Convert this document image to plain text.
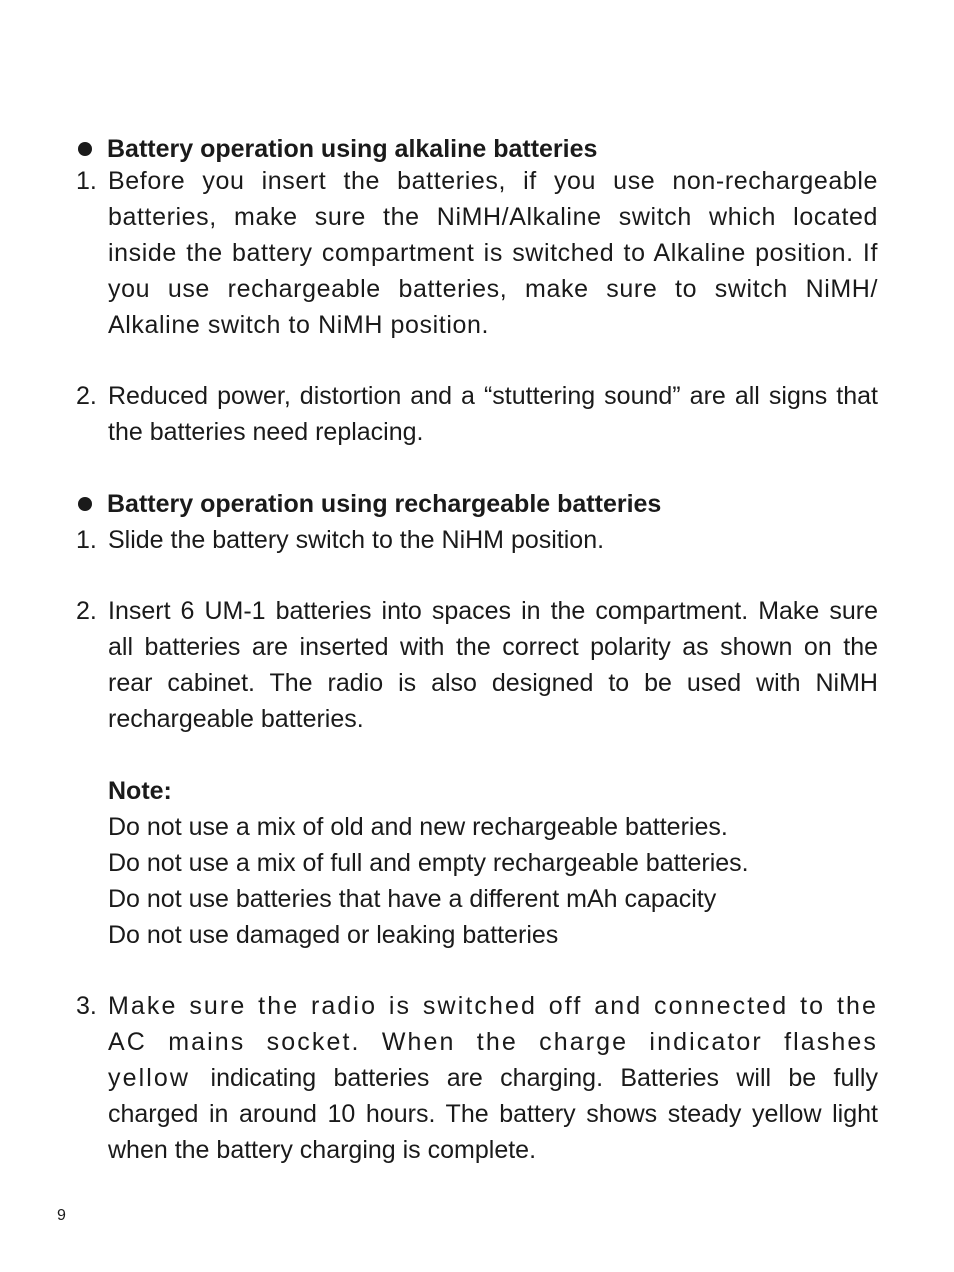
Battery operation using alkaline batteries
1. Before you insert the batteries, if you use non-rechargeable batteries, make sure the NiMH/Alkaline switch which located inside the battery compartment is switched to Alkaline position. If you use rechargeable batteries, make sure to switch NiMH/ Alkaline switch to NiMH position.
2. Reduced power, distortion and a “stuttering sound” are all signs that the batteries need replacing.
Battery operation using rechargeable batteries
1. Slide the battery switch to the NiHM position.
2. Insert 6 UM-1 batteries into spaces in the compartment. Make sure all batteries are inserted with the correct polarity as shown on the rear cabinet. The radio is also designed to be used with NiMH rechargeable batteries.
Note:
Do not use a mix of old and new rechargeable batteries.
Do not use a mix of full and empty rechargeable batteries.
Do not use batteries that have a different mAh capacity
Do not use damaged or leaking batteries
3. Make sure the radio is switched off and connected to the AC mains socket. When the charge indicator flashes yellow indicating batteries are charging. Batteries will be fully charged in around 10 hours. The battery shows steady yellow light when the battery charging is complete.
9
